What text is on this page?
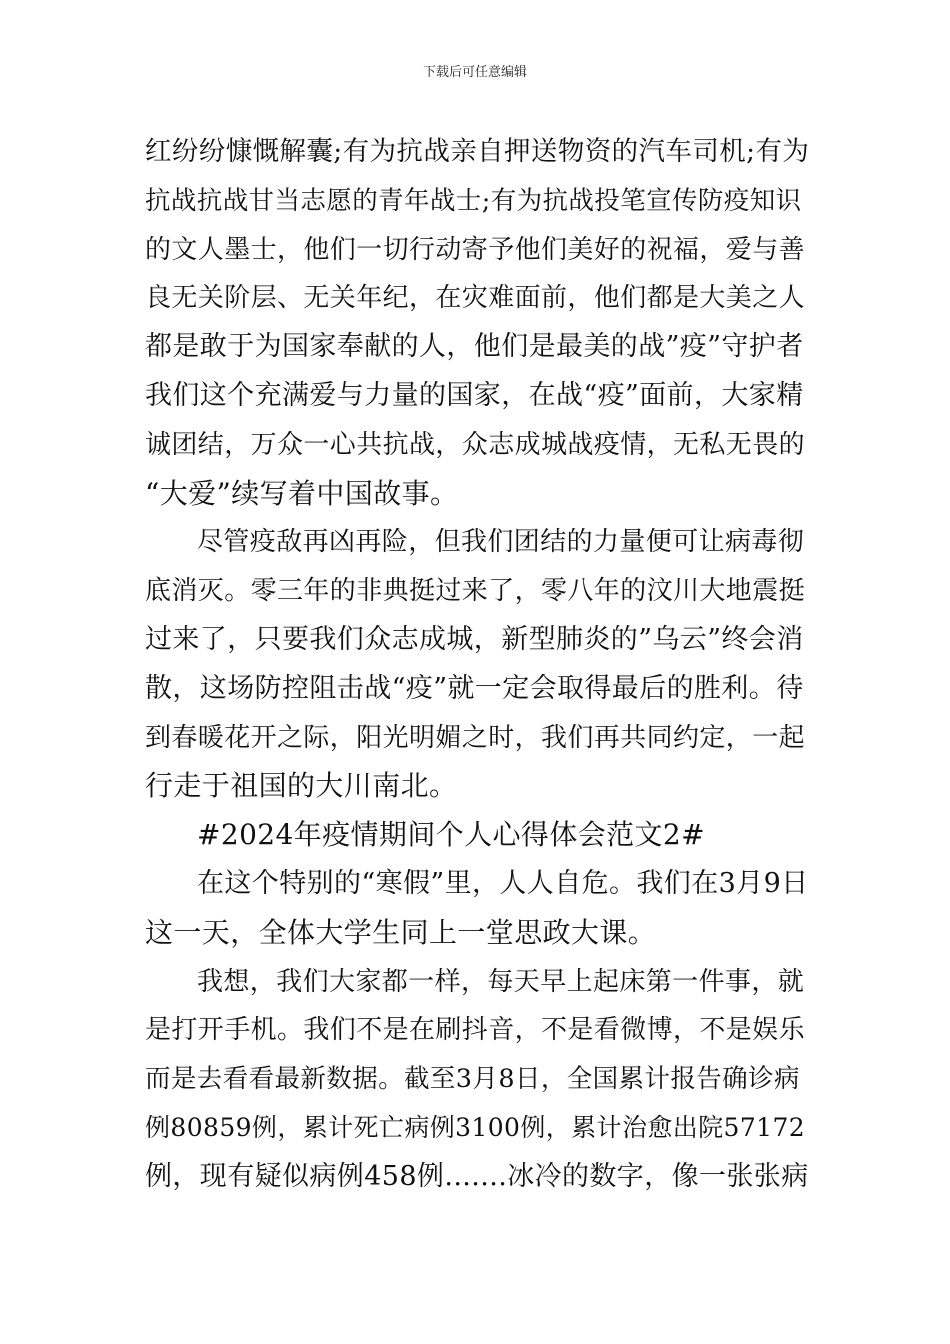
下载后可任意编辑
红纷纷慷慨解囊;有为抗战亲自押送物资的汽车司机;有为
抗战抗战甘当志愿的青年战士;有为抗战投笔宣传防疫知识
的文人墨士，他们一切行动寄予他们美好的祝福，爱与善
良无关阶层、无关年纪，在灾难面前，他们都是大美之人
都是敢于为国家奉献的人，他们是最美的战”疫”守护者
我们这个充满爱与力量的国家，在战“疫”面前，大家精
诚团结，万众一心共抗战，众志成城战疫情，无私无畏的
“大爱”续写着中国故事。
尽管疫敌再凶再险，但我们团结的力量便可让病毒彻
底消灭。零三年的非典挺过来了，零八年的汶川大地震挺
过来了，只要我们众志成城，新型肺炎的”乌云”终会消
散，这场防控阻击战“疫”就一定会取得最后的胜利。待
到春暖花开之际，阳光明媚之时，我们再共同约定，一起
行走于祖国的大川南北。
#2024年疫情期间个人心得体会范文2#
在这个特别的“寒假”里，人人自危。我们在3月9日
这一天，全体大学生同上一堂思政大课。
我想，我们大家都一样，每天早上起床第一件事，就
是打开手机。我们不是在刷抖音，不是看微博，不是娱乐
而是去看看最新数据。截至3月8日，全国累计报告确诊病
例80859例，累计死亡病例3100例，累计治愈出院57172
例，现有疑似病例458例.......冰冷的数字，像一张张病
